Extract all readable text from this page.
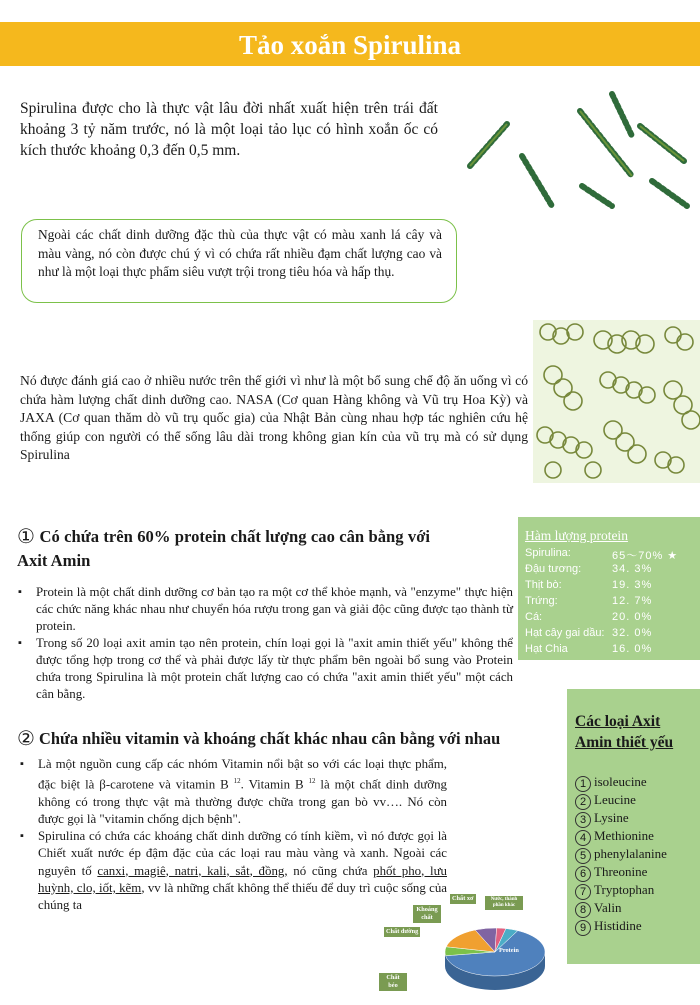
Tảo xoắn Spirulina

Spirulina được cho là thực vật lâu đời nhất xuất hiện trên trái đất khoảng 3 tỷ năm trước, nó là một loại tảo lục có hình xoắn ốc có kích thước khoảng 0,3 đến 0,5 mm.

Ngoài các chất dinh dưỡng đặc thù của thực vật có màu xanh lá cây và màu vàng, nó còn được chú ý vì có chứa rất nhiều đạm chất lượng cao và như là một loại thực phẩm siêu vượt trội trong tiêu hóa và hấp thụ.

Nó được đánh giá cao ở nhiều nước trên thế giới vì như là một bổ sung chế độ ăn uống vì có chứa hàm lượng chất dinh dưỡng cao. NASA (Cơ quan Hàng không và Vũ trụ Hoa Kỳ) và JAXA (Cơ quan thăm dò vũ trụ quốc gia) của Nhật Bản cùng nhau hợp tác nghiên cứu hệ thống giúp con người có thể sống lâu dài trong không gian kín của vũ trụ mà có sử dụng Spirulina

① Có chứa trên 60% protein chất lượng cao cân bằng với Axit Amin
▪ Protein là một chất dinh dưỡng cơ bản tạo ra một cơ thể khỏe mạnh, và "enzyme" thực hiện các chức năng khác nhau như chuyển hóa rượu trong gan và giải độc cũng được tạo thành từ protein.
▪ Trong số 20 loại axit amin tạo nên protein, chín loại gọi là "axit amin thiết yếu" không thể được tổng hợp trong cơ thể và phải được lấy từ thực phẩm bên ngoài bổ sung vào Protein chứa trong Spirulina là một protein chất lượng cao có chứa "axit amin thiết yếu" một cách cân bằng.
Hàm lượng protein
Spirulina:	65～70% ★
Đậu tương:	34. 3%
Thịt bò:	19. 3%
Trứng:	12. 7%
Cá:	20. 0%
Hạt cây gai dầu: 32. 0%
Hạt Chia	16. 0%
② Chứa nhiều vitamin và khoáng chất khác nhau cân bằng với nhau
▪ Là một nguồn cung cấp các nhóm Vitamin nổi bật so với các loại thực phẩm, đặc biệt là β-carotene và vitamin B $^{12}$. Vitamin B $^{12}$ là một chất dinh dưỡng không có trong thực vật mà thường được chữa trong gan bò vv…. Nó còn được gọi là "vitamin chống dịch bệnh".
▪ Spirulina có chứa các khoáng chất dinh dưỡng có tính kiềm, vì nó được gọi là Chiết xuất nước ép đậm đặc của các loại rau màu vàng và xanh. Ngoài các nguyên tố canxi, magiê, natri, kali, sắt, đồng, nó cũng chứa phốt pho, lưu huỳnh, clo, iốt, kẽm, vv là những chất không thể thiếu để duy trì cuộc sống của chúng ta
Các loại Axit Amin thiết yếu
1 isoleucine
2 Leucine
3 Lysine
4 Methionine
5 phenylalanine
6 Threonine
7 Tryptophan
8 Valin
9 Histidine
Chất béo
Chất đường
Khoáng chất
Chất xơ	Nước, thành phần khác
Protein
